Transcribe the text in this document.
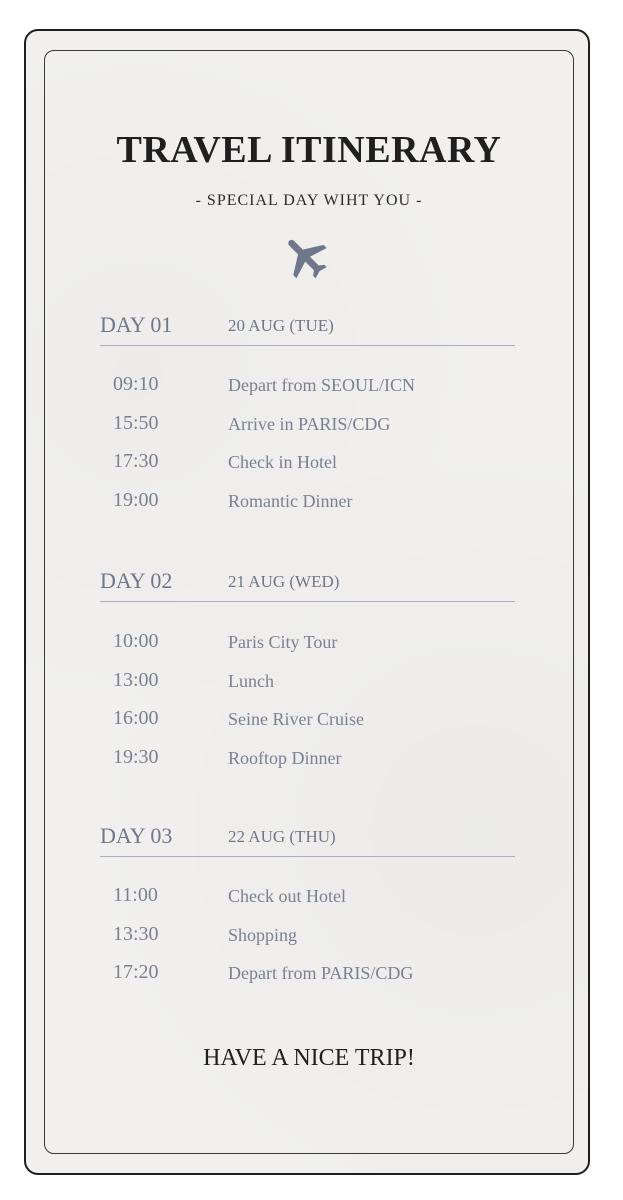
TRAVEL ITINERARY
- SPECIAL DAY WIHT YOU -
DAY 01	20 AUG (TUE)
09:10	Depart from SEOUL/ICN
15:50	Arrive in PARIS/CDG
17:30	Check in Hotel
19:00	Romantic Dinner
DAY 02	21 AUG (WED)
10:00	Paris City Tour
13:00	Lunch
16:00	Seine River Cruise
19:30	Rooftop Dinner
DAY 03	22 AUG (THU)
11:00	Check out Hotel
13:30	Shopping
17:20	Depart from PARIS/CDG
HAVE A NICE TRIP!
